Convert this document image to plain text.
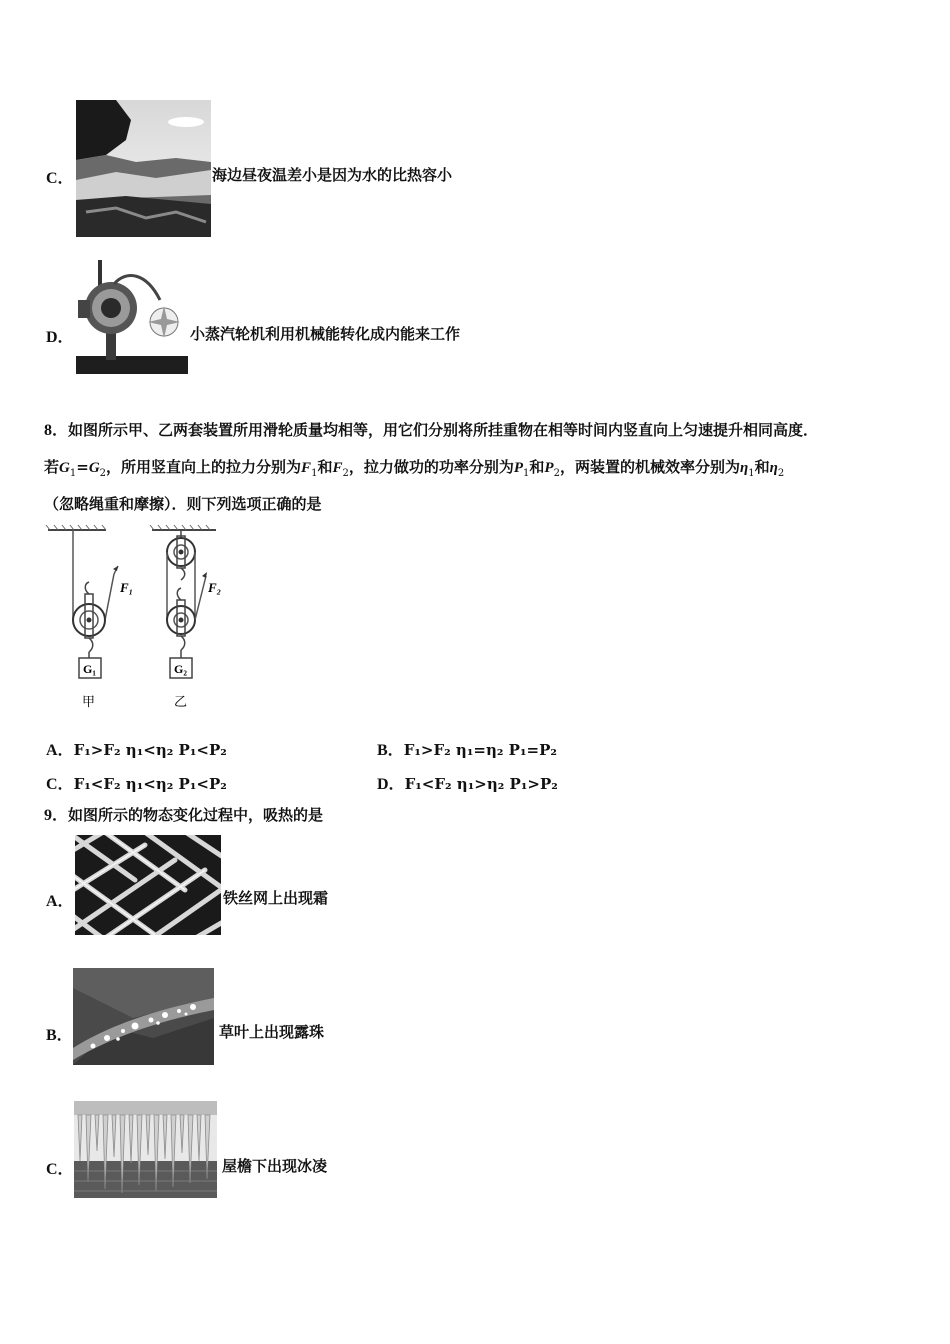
C．	海边昼夜温差小是因为水的比热容小
D．	小蒸汽轮机利用机械能转化成内能来工作
8．如图所示甲、乙两套装置所用滑轮质量均相等，用它们分别将所挂重物在相等时间内竖直向上匀速提升相同高度．
若$G_1=G_2$，所用竖直向上的拉力分别为$F_1$和$F_2$，拉力做功的功率分别为$P_1$和$P_2$，两装置的机械效率分别为$\eta_1$和$\eta_2$
（忽略绳重和摩擦）．则下列选项正确的是
G₁
F₁
甲
G₂
F₂
乙
A．F₁>F₂ η₁<η₂ P₁<P₂	B．F₁>F₂ η₁=η₂ P₁=P₂
C．F₁<F₂ η₁<η₂ P₁<P₂	D．F₁<F₂ η₁>η₂ P₁>P₂
9．如图所示的物态变化过程中，吸热的是
A．	铁丝网上出现霜
B．	草叶上出现露珠
C．	屋檐下出现冰凌
